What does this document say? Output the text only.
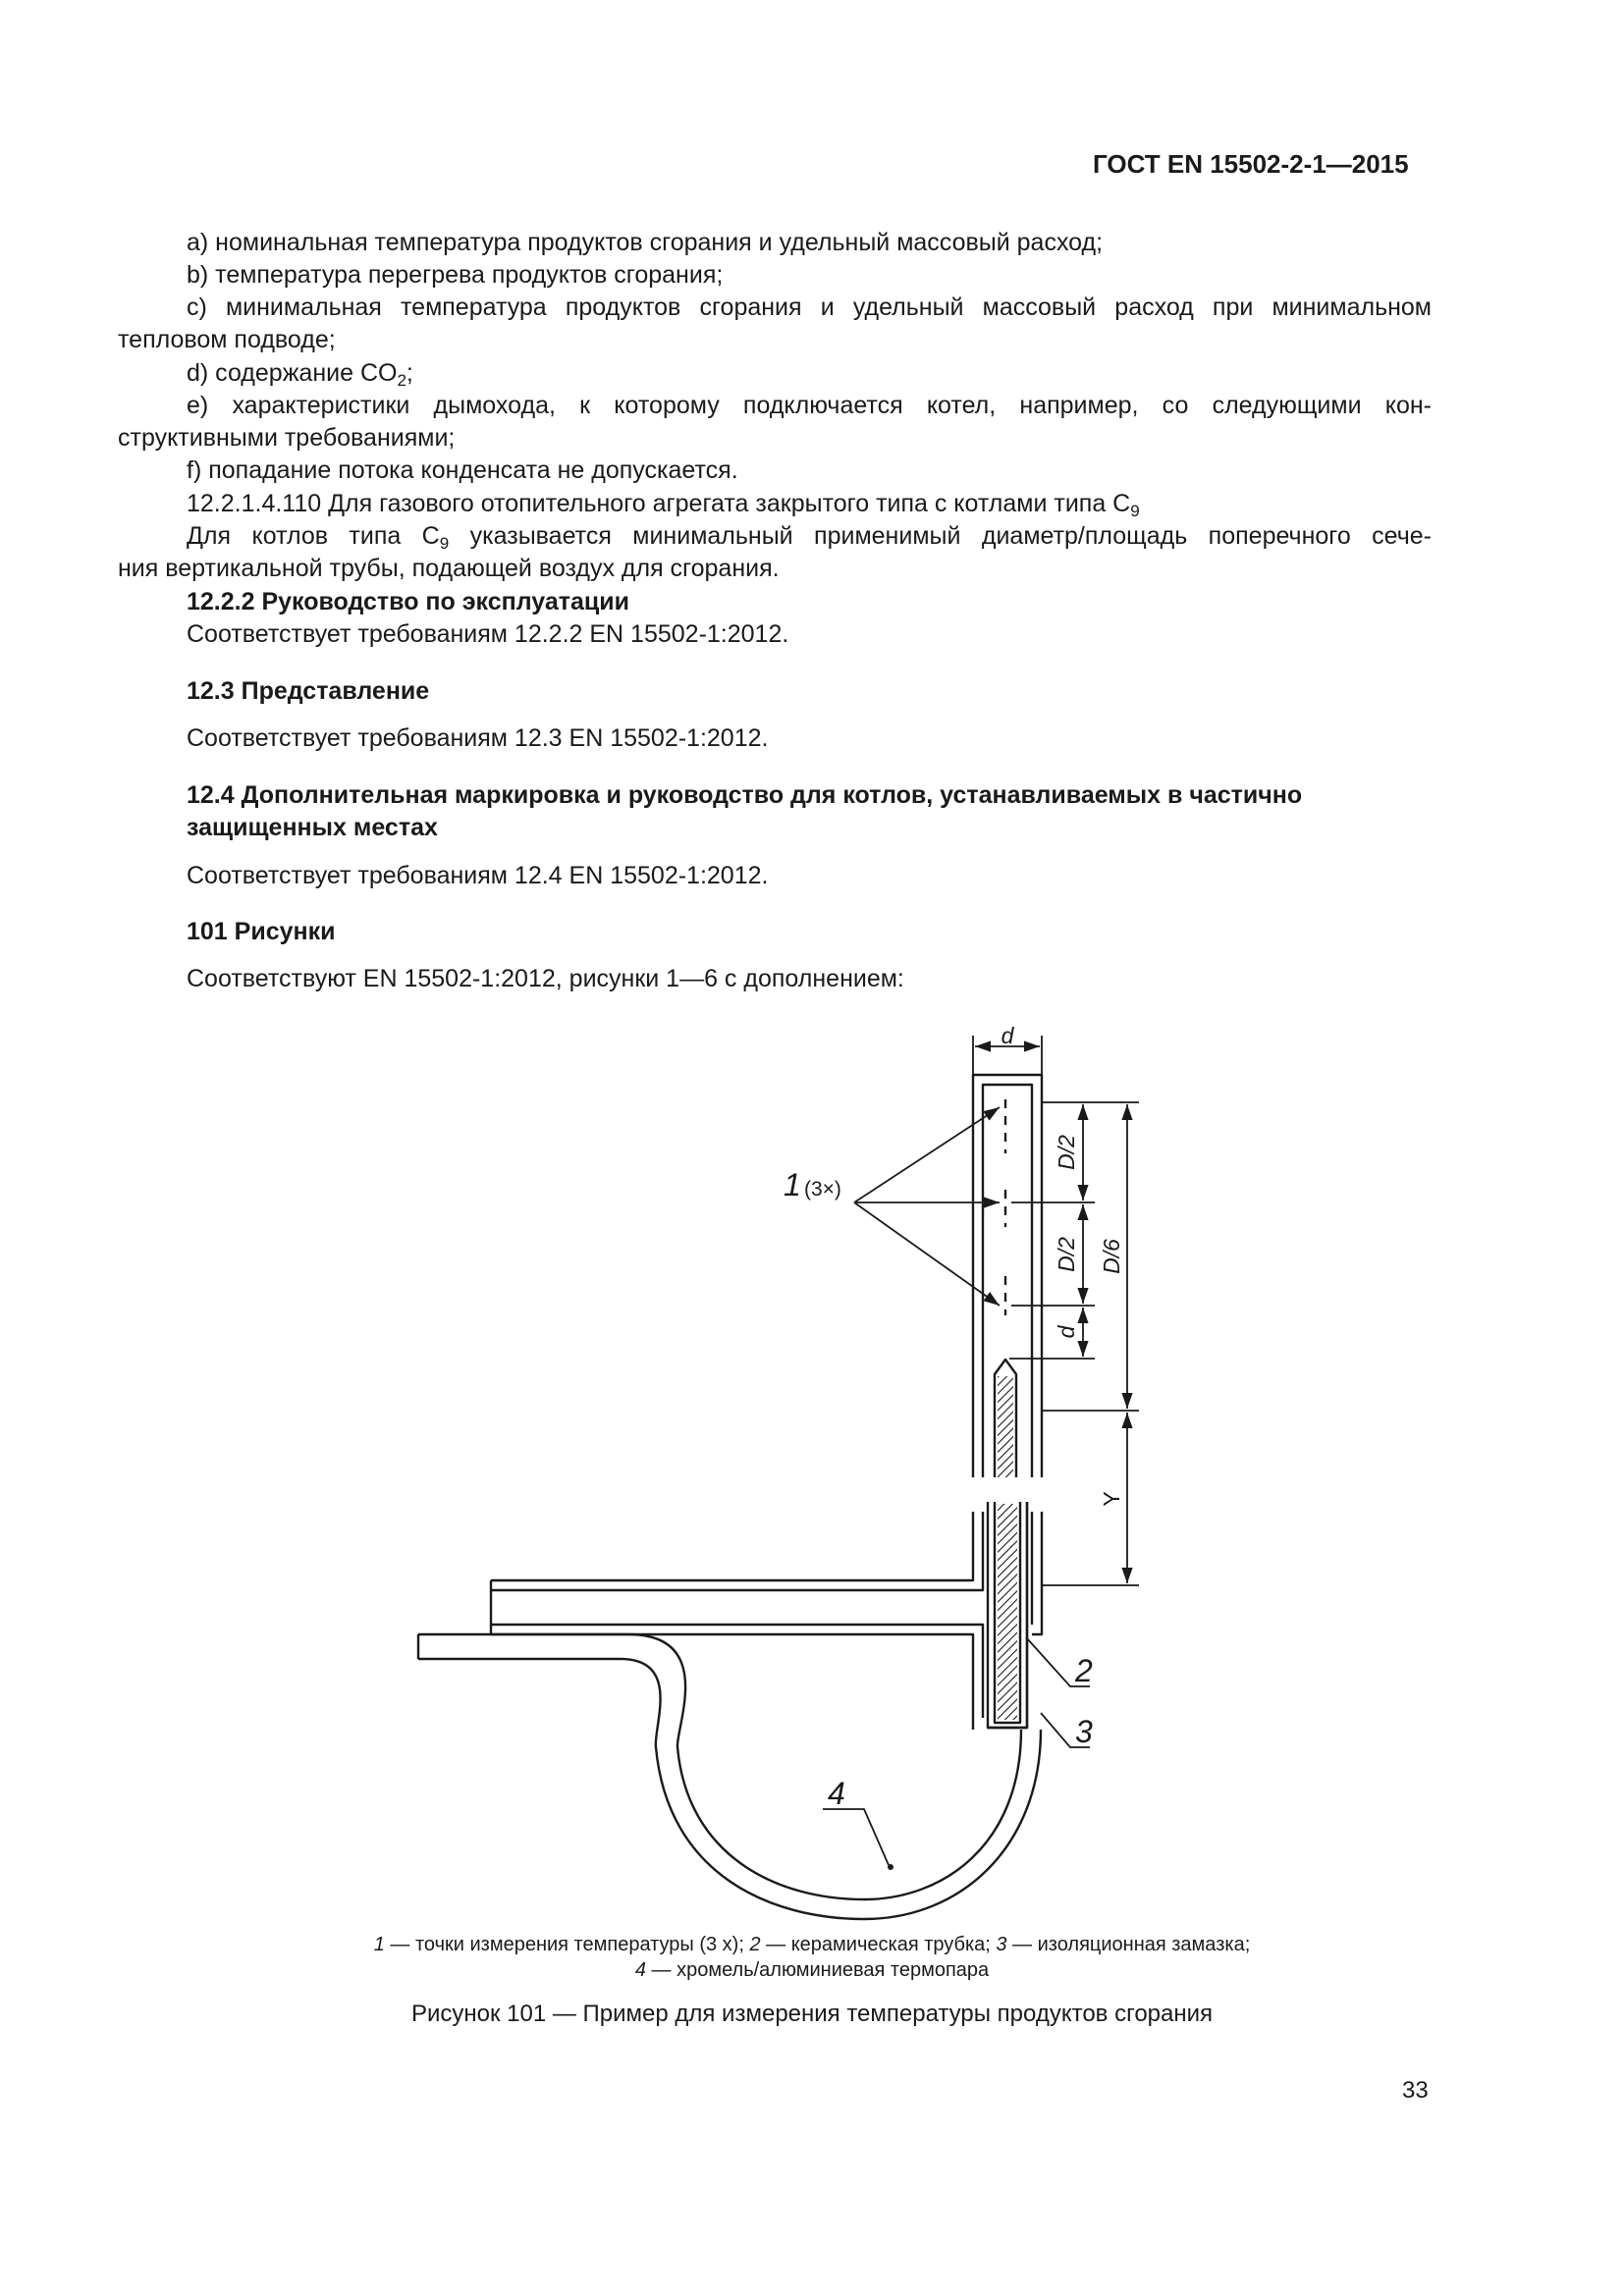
ГОСТ EN 15502-2-1—2015
a) номинальная температура продуктов сгорания и удельный массовый расход;
b) температура перегрева продуктов сгорания;
c) минимальная температура продуктов сгорания и удельный массовый расход при минимальном
тепловом подводе;
d) содержание $CO_2$;
e) характеристики дымохода, к которому подключается котел, например, со следующими кон-
структивными требованиями;
f) попадание потока конденсата не допускается.
12.2.1.4.110 Для газового отопительного агрегата закрытого типа с котлами типа $C_9$
Для котлов типа $C_9$ указывается минимальный применимый диаметр/площадь поперечного сече-
ния вертикальной трубы, подающей воздух для сгорания.
12.2.2 Руководство по эксплуатации
Соответствует требованиям 12.2.2 EN 15502-1:2012.
12.3 Представление
Соответствует требованиям 12.3 EN 15502-1:2012.
12.4 Дополнительная маркировка и руководство для котлов, устанавливаемых в частично
защищенных местах
Соответствует требованиям 12.4 EN 15502-1:2012.
101 Рисунки
Соответствуют EN 15502-1:2012, рисунки 1—6 с дополнением:
d
D/2
D/2
d
D/6
Y
1 (3×)
2
3
4
1 — точки измерения температуры (3 x); 2 — керамическая трубка; 3 — изоляционная замазка;
4 — хромель/алюминиевая термопара
Рисунок 101 — Пример для измерения температуры продуктов сгорания
33
